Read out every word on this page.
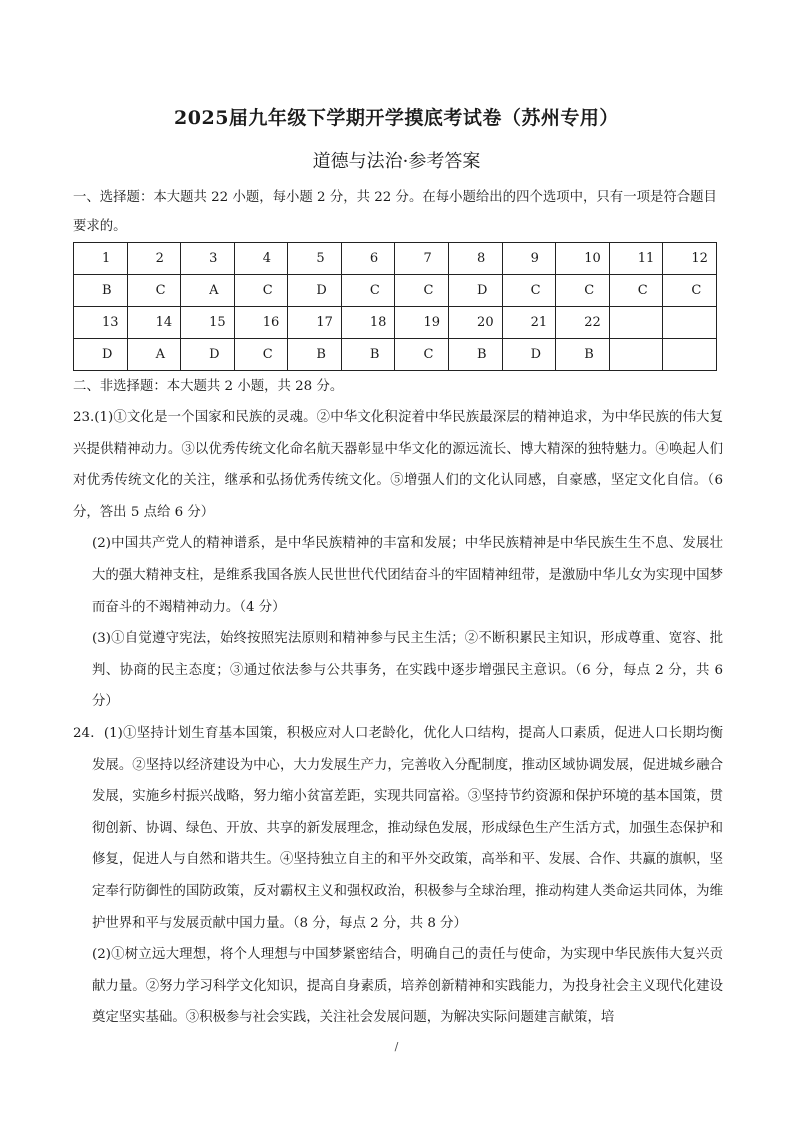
2025届九年级下学期开学摸底考试卷（苏州专用）
道德与法治·参考答案
一、选择题：本大题共 22 小题，每小题 2 分，共 22 分。在每小题给出的四个选项中，只有一项是符合题目要求的。
1	2	3	4	5	6	7	8	9	10	11	12
B	C	A	C	D	C	C	D	C	C	C	C
13	14	15	16	17	18	19	20	21	22		
D	A	D	C	B	B	C	B	D	B		
二、非选择题：本大题共 2 小题，共 28 分。

23.(1)①文化是一个国家和民族的灵魂。②中华文化积淀着中华民族最深层的精神追求，为中华民族的伟大复兴提供精神动力。③以优秀传统文化命名航天器彰显中华文化的源远流长、博大精深的独特魅力。④唤起人们对优秀传统文化的关注，继承和弘扬优秀传统文化。⑤增强人们的文化认同感，自豪感，坚定文化自信。（6 分，答出 5 点给 6 分）

(2)中国共产党人的精神谱系，是中华民族精神的丰富和发展；中华民族精神是中华民族生生不息、发展壮大的强大精神支柱，是维系我国各族人民世世代代团结奋斗的牢固精神纽带，是激励中华儿女为实现中国梦而奋斗的不竭精神动力。（4 分）

(3)①自觉遵守宪法，始终按照宪法原则和精神参与民主生活；②不断积累民主知识，形成尊重、宽容、批判、协商的民主态度；③通过依法参与公共事务，在实践中逐步增强民主意识。（6 分，每点 2 分，共 6 分）

24．(1)①坚持计划生育基本国策，积极应对人口老龄化，优化人口结构，提高人口素质，促进人口长期均衡发展。②坚持以经济建设为中心，大力发展生产力，完善收入分配制度，推动区域协调发展，促进城乡融合发展，实施乡村振兴战略，努力缩小贫富差距，实现共同富裕。③坚持节约资源和保护环境的基本国策，贯彻创新、协调、绿色、开放、共享的新发展理念，推动绿色发展，形成绿色生产生活方式，加强生态保护和修复，促进人与自然和谐共生。④坚持独立自主的和平外交政策，高举和平、发展、合作、共赢的旗帜，坚定奉行防御性的国防政策，反对霸权主义和强权政治，积极参与全球治理，推动构建人类命运共同体，为维护世界和平与发展贡献中国力量。（8 分，每点 2 分，共 8 分）

(2)①树立远大理想，将个人理想与中国梦紧密结合，明确自己的责任与使命，为实现中华民族伟大复兴贡献力量。②努力学习科学文化知识，提高自身素质，培养创新精神和实践能力，为投身社会主义现代化建设奠定坚实基础。③积极参与社会实践，关注社会发展问题，为解决实际问题建言献策，培

/
